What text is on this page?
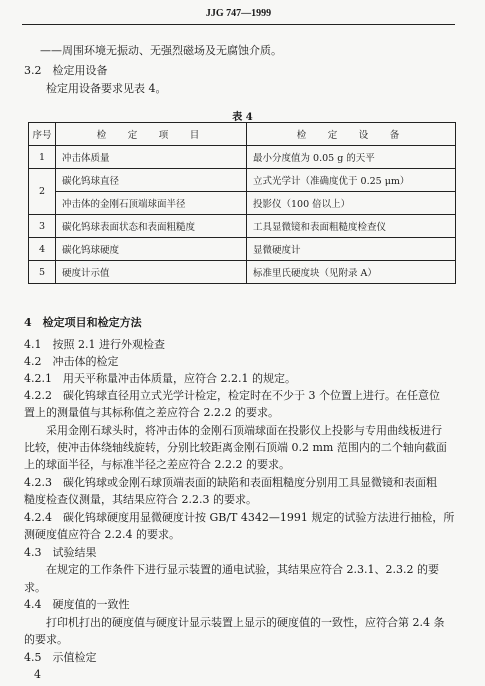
JJG 747—1999
——周围环境无振动、无强烈磁场及无腐蚀介质。
3.2　检定用设备
检定用设备要求见表 4。
表 4
序号	检　定　项　目	检　定　设　备
1	冲击体质量	最小分度值为 0.05 g 的天平
2	碳化钨球直径	立式光学计（准确度优于 0.25 μm）
	冲击体的金刚石顶端球面半径	投影仪（100 倍以上）
3	碳化钨球表面状态和表面粗糙度	工具显微镜和表面粗糙度检查仪
4	碳化钨球硬度	显微硬度计
5	硬度计示值	标准里氏硬度块（见附录 A）
4　检定项目和检定方法
4.1　按照 2.1 进行外观检查
4.2　冲击体的检定
4.2.1　用天平称量冲击体质量，应符合 2.2.1 的规定。
4.2.2　碳化钨球直径用立式光学计检定，检定时在不少于 3 个位置上进行。在任意位
置上的测量值与其标称值之差应符合 2.2.2 的要求。
采用金刚石球头时，将冲击体的金刚石顶端球面在投影仪上投影与专用曲线板进行
比较，使冲击体绕轴线旋转，分别比较距离金刚石顶端 0.2 mm 范围内的二个轴向截面
上的球面半径，与标准半径之差应符合 2.2.2 的要求。
4.2.3　碳化钨球或金刚石球顶端表面的缺陷和表面粗糙度分别用工具显微镜和表面粗
糙度检查仪测量，其结果应符合 2.2.3 的要求。
4.2.4　碳化钨球硬度用显微硬度计按 GB/T 4342—1991 规定的试验方法进行抽检，所
测硬度值应符合 2.2.4 的要求。
4.3　试验结果
在规定的工作条件下进行显示装置的通电试验，其结果应符合 2.3.1、2.3.2 的要
求。
4.4　硬度值的一致性
打印机打出的硬度值与硬度计显示装置上显示的硬度值的一致性，应符合第 2.4 条
的要求。
4.5　示值检定
4
